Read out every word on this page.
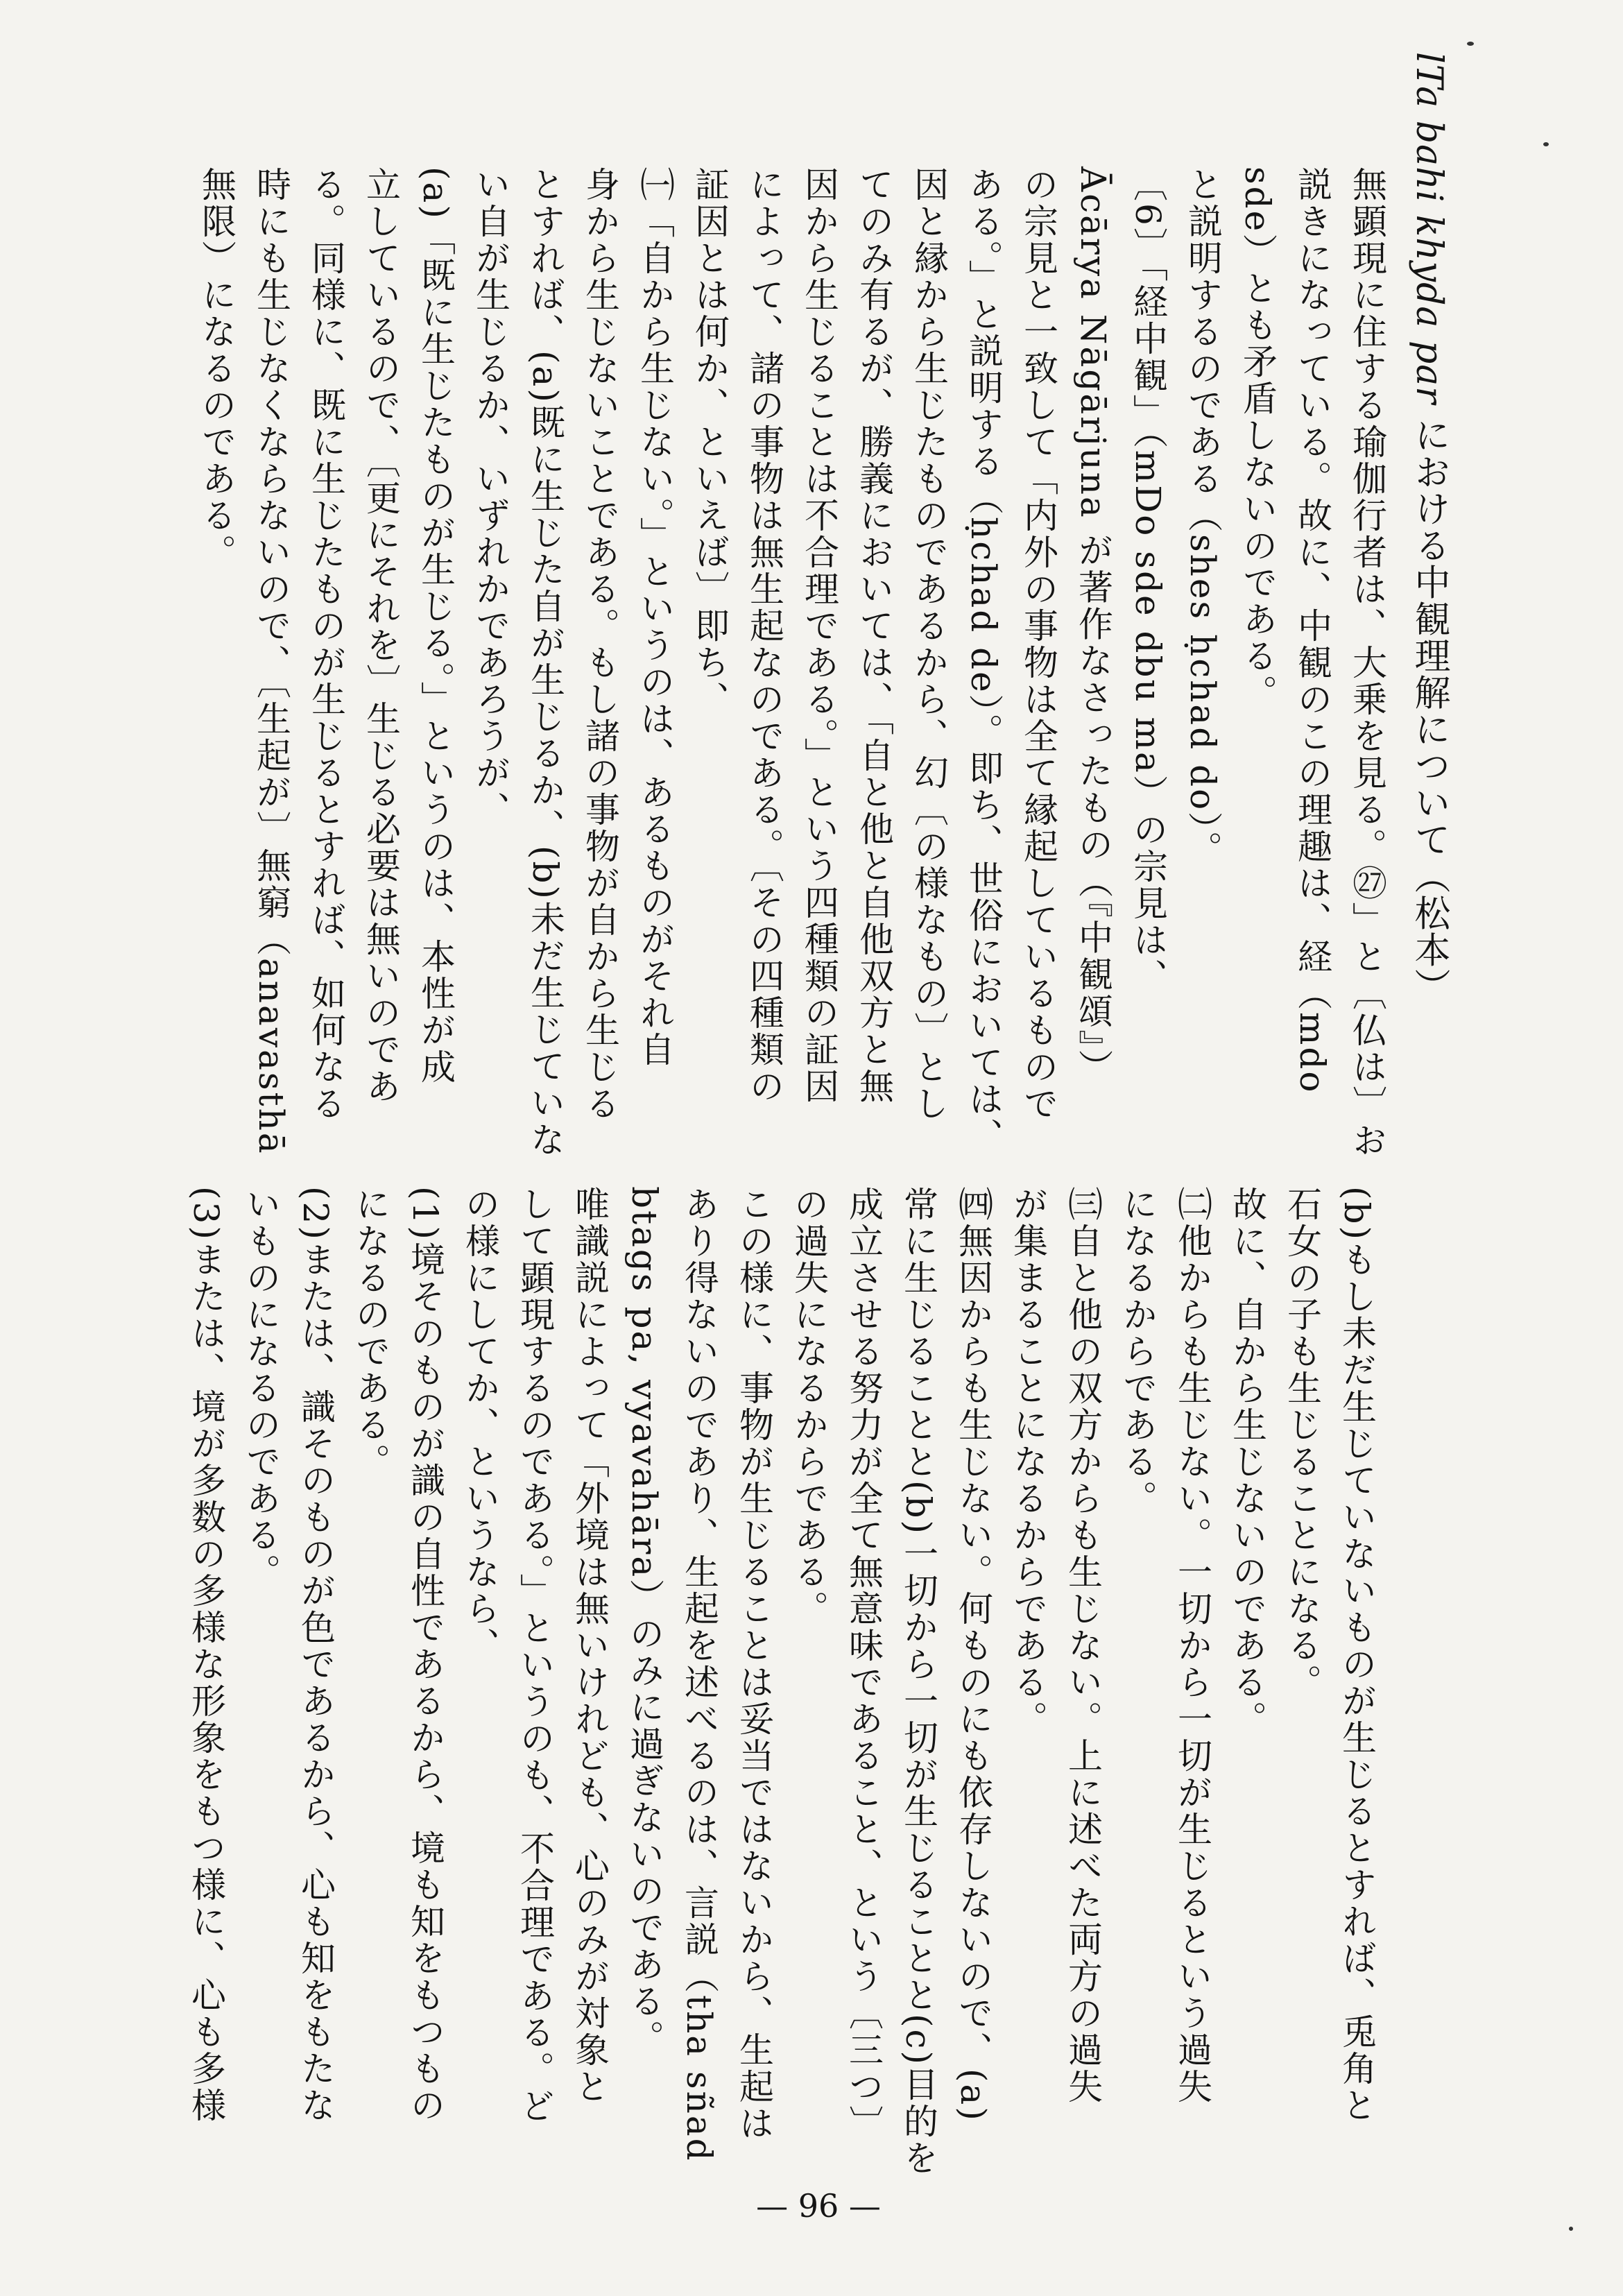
lTa bahi khyda par における中観理解について（松本）
無顕現に住する瑜伽行者は、大乗を見る。㉗」と〔仏は〕お
説きになっている。故に、中観のこの理趣は、経（mdo
sde）とも矛盾しないのである。
と説明するのである（shes ḥchad do）。
〔6〕「経中観」（mDo sde dbu ma）の宗見は、
Ācārya Nāgārjuna が著作なさったもの（『中観頌』）
の宗見と一致して「内外の事物は全て縁起しているもので
ある。」と説明する（ḥchad de）。即ち、世俗においては、
因と縁から生じたものであるから、幻〔の様なもの〕とし
てのみ有るが、勝義においては、「自と他と自他双方と無
因から生じることは不合理である。」という四種類の証因
によって、諸の事物は無生起なのである。〔その四種類の
証因とは何か、といえば〕即ち、
㈠「自から生じない。」というのは、あるものがそれ自
身から生じないことである。もし諸の事物が自から生じる
とすれば、(a)既に生じた自が生じるか、(b)未だ生じていな
い自が生じるか、いずれかであろうが、
(a)「既に生じたものが生じる。」というのは、本性が成
立しているので、〔更にそれを〕生じる必要は無いのであ
る。同様に、既に生じたものが生じるとすれば、如何なる
時にも生じなくならないので、〔生起が〕無窮（anavasthā
無限）になるのである。
(b)もし未だ生じていないものが生じるとすれば、兎角と
石女の子も生じることになる。
故に、自から生じないのである。
㈡他からも生じない。一切から一切が生じるという過失
になるからである。
㈢自と他の双方からも生じない。上に述べた両方の過失
が集まることになるからである。
㈣無因からも生じない。何ものにも依存しないので、(a)
常に生じることと(b)一切から一切が生じることと(c)目的を
成立させる努力が全て無意味であること、という〔三つ〕
の過失になるからである。
この様に、事物が生じることは妥当ではないから、生起は
あり得ないのであり、生起を述べるのは、言説（tha sñad
btags pa, vyavahāra）のみに過ぎないのである。
唯識説によって「外境は無いけれども、心のみが対象と
して顕現するのである。」というのも、不合理である。ど
の様にしてか、というなら、
(1)境そのものが識の自性であるから、境も知をもつもの
になるのである。
(2)または、識そのものが色であるから、心も知をもたな
いものになるのである。
(3)または、境が多数の多様な形象をもつ様に、心も多様
— 96 —
